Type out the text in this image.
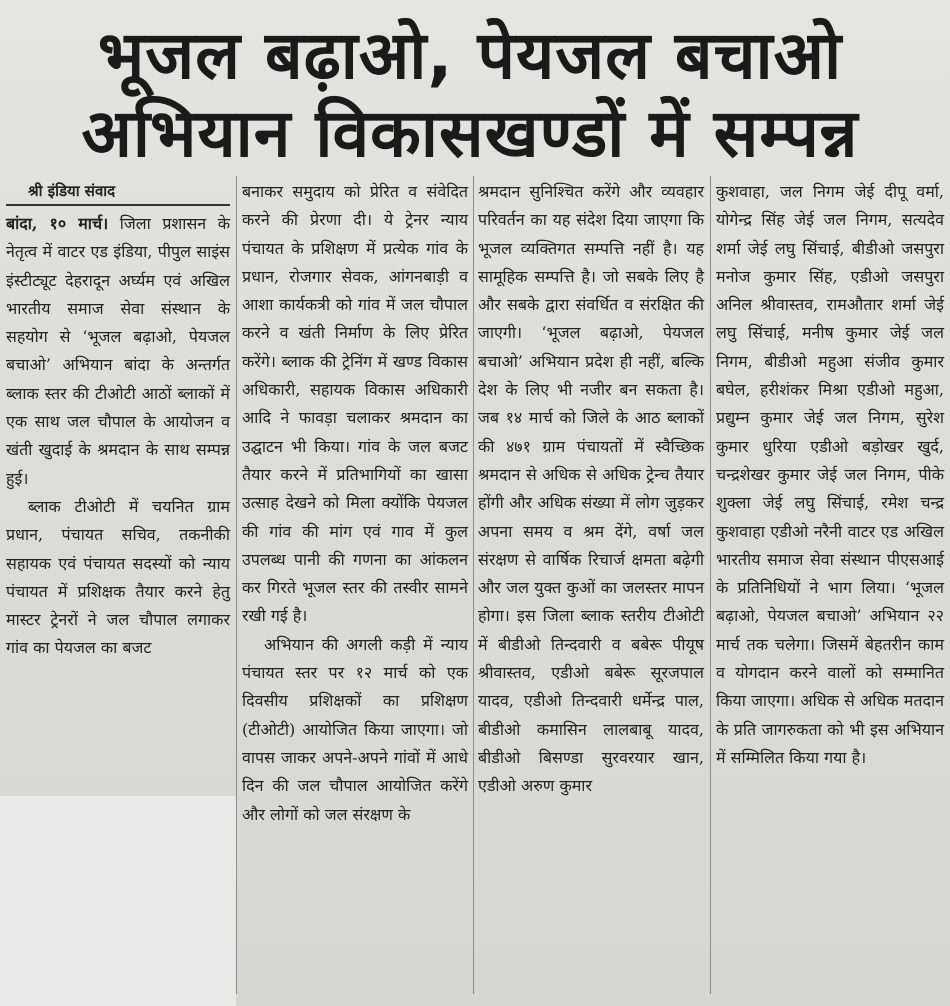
भूजल बढ़ाओ, पेयजल बचाओ
अभियान विकासखण्डों में सम्पन्न
श्री इंडिया संवाद

बांदा, १० मार्च। जिला प्रशासन के नेतृत्व में वाटर एड इंडिया, पीपुल साइंस इंस्टीट्यूट देहरादून अर्घ्यम एवं अखिल भारतीय समाज सेवा संस्थान के सहयोग से ‘भूजल बढ़ाओ, पेयजल बचाओ’ अभियान बांदा के अन्तर्गत ब्लाक स्तर की टीओटी आठों ब्लाकों में एक साथ जल चौपाल के आयोजन व खंती खुदाई के श्रमदान के साथ सम्पन्न हुई।

ब्लाक टीओटी में चयनित ग्राम प्रधान, पंचायत सचिव, तकनीकी सहायक एवं पंचायत सदस्यों को न्याय पंचायत में प्रशिक्षक तैयार करने हेतु मास्टर ट्रेनरों ने जल चौपाल लगाकर गांव का पेयजल का बजट

बनाकर समुदाय को प्रेरित व संवेदित करने की प्रेरणा दी। ये ट्रेनर न्याय पंचायत के प्रशिक्षण में प्रत्येक गांव के प्रधान, रोजगार सेवक, आंगनबाड़ी व आशा कार्यकत्री को गांव में जल चौपाल करने व खंती निर्माण के लिए प्रेरित करेंगे। ब्लाक की ट्रेनिंग में खण्ड विकास अधिकारी, सहायक विकास अधिकारी आदि ने फावड़ा चलाकर श्रमदान का उद्घाटन भी किया। गांव के जल बजट तैयार करने में प्रतिभागियों का खासा उत्साह देखने को मिला क्योंकि पेयजल की गांव की मांग एवं गाव में कुल उपलब्ध पानी की गणना का आंकलन कर गिरते भूजल स्तर की तस्वीर सामने रखी गई है।

अभियान की अगली कड़ी में न्याय पंचायत स्तर पर १२ मार्च को एक दिवसीय प्रशिक्षकों का प्रशिक्षण (टीओटी) आयोजित किया जाएगा। जो वापस जाकर अपने-अपने गांवों में आधे दिन की जल चौपाल आयोजित करेंगे और लोगों को जल संरक्षण के

श्रमदान सुनिश्चित करेंगे और व्यवहार परिवर्तन का यह संदेश दिया जाएगा कि भूजल व्यक्तिगत सम्पत्ति नहीं है। यह सामूहिक सम्पत्ति है। जो सबके लिए है और सबके द्वारा संवर्धित व संरक्षित की जाएगी। ‘भूजल बढ़ाओ, पेयजल बचाओ’ अभियान प्रदेश ही नहीं, बल्कि देश के लिए भी नजीर बन सकता है। जब १४ मार्च को जिले के आठ ब्लाकों की ४७१ ग्राम पंचायतों में स्वैच्छिक श्रमदान से अधिक से अधिक ट्रेन्च तैयार होंगी और अधिक संख्या में लोग जुड़कर अपना समय व श्रम देंगे, वर्षा जल संरक्षण से वार्षिक रिचार्ज क्षमता बढ़ेगी और जल युक्त कुओं का जलस्तर मापन होगा। इस जिला ब्लाक स्तरीय टीओटी में बीडीओ तिन्दवारी व बबेरू पीयूष श्रीवास्तव, एडीओ बबेरू सूरजपाल यादव, एडीओ तिन्दवारी धर्मेन्द्र पाल, बीडीओ कमासिन लालबाबू यादव, बीडीओ बिसण्डा सुरवरयार खान, एडीओ अरुण कुमार

कुशवाहा, जल निगम जेई दीपू वर्मा, योगेन्द्र सिंह जेई जल निगम, सत्यदेव शर्मा जेई लघु सिंचाई, बीडीओ जसपुरा मनोज कुमार सिंह, एडीओ जसपुरा अनिल श्रीवास्तव, रामऔतार शर्मा जेई लघु सिंचाई, मनीष कुमार जेई जल निगम, बीडीओ महुआ संजीव कुमार बघेल, हरीशंकर मिश्रा एडीओ महुआ, प्रद्युम्न कुमार जेई जल निगम, सुरेश कुमार धुरिया एडीओ बड़ोखर खुर्द, चन्द्रशेखर कुमार जेई जल निगम, पीके शुक्ला जेई लघु सिंचाई, रमेश चन्द्र कुशवाहा एडीओ नरैनी वाटर एड अखिल भारतीय समाज सेवा संस्थान पीएसआई के प्रतिनिधियों ने भाग लिया। ‘भूजल बढ़ाओ, पेयजल बचाओ’ अभियान २२ मार्च तक चलेगा। जिसमें बेहतरीन काम व योगदान करने वालों को सम्मानित किया जाएगा। अधिक से अधिक मतदान के प्रति जागरुकता को भी इस अभियान में सम्मिलित किया गया है।
